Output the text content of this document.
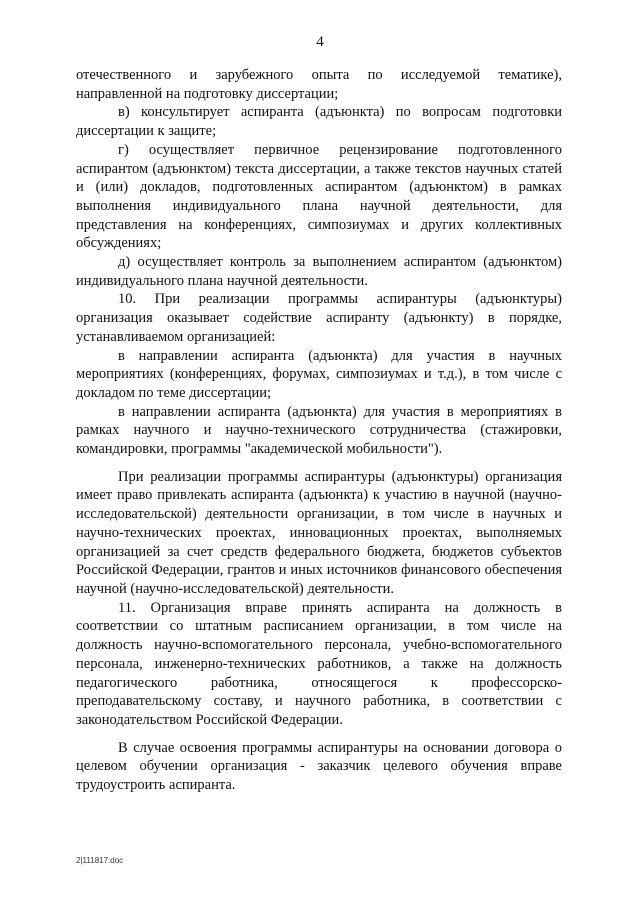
4

отечественного и зарубежного опыта по исследуемой тематике), направленной на подготовку диссертации;

в) консультирует аспиранта (адъюнкта) по вопросам подготовки диссертации к защите;

г) осуществляет первичное рецензирование подготовленного аспирантом (адъюнктом) текста диссертации, а также текстов научных статей и (или) докладов, подготовленных аспирантом (адъюнктом) в рамках выполнения индивидуального плана научной деятельности, для представления на конференциях, симпозиумах и других коллективных обсуждениях;

д) осуществляет контроль за выполнением аспирантом (адъюнктом) индивидуального плана научной деятельности.

10. При реализации программы аспирантуры (адъюнктуры) организация оказывает содействие аспиранту (адъюнкту) в порядке, устанавливаемом организацией:

в направлении аспиранта (адъюнкта) для участия в научных мероприятиях (конференциях, форумах, симпозиумах и т.д.), в том числе с докладом по теме диссертации;

в направлении аспиранта (адъюнкта) для участия в мероприятиях в рамках научного и научно-технического сотрудничества (стажировки, командировки, программы "академической мобильности").

При реализации программы аспирантуры (адъюнктуры) организация имеет право привлекать аспиранта (адъюнкта) к участию в научной (научно-исследовательской) деятельности организации, в том числе в научных и научно-технических проектах, инновационных проектах, выполняемых организацией за счет средств федерального бюджета, бюджетов субъектов Российской Федерации, грантов и иных источников финансового обеспечения научной (научно-исследовательской) деятельности.

11. Организация вправе принять аспиранта на должность в соответствии со штатным расписанием организации, в том числе на должность научно-вспомогательного персонала, учебно-вспомогательного персонала, инженерно-технических работников, а также на должность педагогического работника, относящегося к профессорско-преподавательскому составу, и научного работника, в соответствии с законодательством Российской Федерации.

В случае освоения программы аспирантуры на основании договора о целевом обучении организация - заказчик целевого обучения вправе трудоустроить аспиранта.

2|111817.doc
